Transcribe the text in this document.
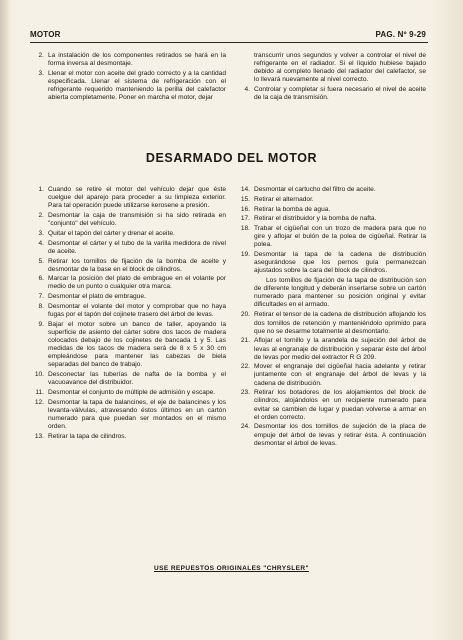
MOTOR	PAG. Nº 9-29
2. La instalación de los componentes retirados se hará en la forma inversa al desmontaje.
3. Llenar el motor con aceite del grado correcto y a la cantidad especificada. Llenar el sistema de refrigeración con el refrigerante requerido manteniendo la perilla del calefactor abierta completamente. Poner en marcha el motor, dejar
transcurrir unos segundos y volver a controlar el nivel de refrigerante en el radiador. Si el líquido hubiese bajado debido al completo llenado del radiador del calefactor, se lo llevará nuevamente al nivel correcto.
4. Controlar y completar si fuera necesario el nivel de aceite de la caja de transmisión.
DESARMADO DEL MOTOR
1. Cuando se retire el motor del vehículo dejar que éste cuelgue del aparejo para proceder a su limpieza exterior. Para tal operación puede utilizarse kerosene a presión.
2. Desmontar la caja de transmisión si ha sido retirada en "conjunto" del vehículo.
3. Quitar el tapón del cárter y drenar el aceite.
4. Desmontar el cárter y el tubo de la varilla medidora de nivel de aceite.
5. Retirar los tornillos de fijación de la bomba de aceite y desmontar de la base en el block de cilindros.
6. Marcar la posición del plato de embrague en el volante por medio de un punto o cualquier otra marca.
7. Desmontar el plato de embrague.
8. Desmontar el volante del motor y comprobar que no haya fugas por el tapón del cojinete trasero del árbol de levas.
9. Bajar el motor sobre un banco de taller, apoyando la superficie de asiento del cárter sobre dos tacos de madera colocados debajo de los cojinetes de bancada 1 y 5. Las medidas de los tacos de madera será de 8 x 5 x 30 cm empleándose para mantener las cabezas de biela separadas del banco de trabajo.
10. Desconectar las tuberías de nafta de la bomba y el vacuoavance del distribuidor.
11. Desmontar el conjunto de múltiple de admisión y escape.
12. Desmontar la tapa de balancines, el eje de balancines y los levanta-válvulas, atravesando éstos últimos en un cartón numerado para que puedan ser montados en el mismo orden.
13. Retirar la tapa de cilindros.
14. Desmontar el cartucho del filtro de aceite.
15. Retirar el alternador.
16. Retirar la bomba de agua.
17. Retirar el distribuidor y la bomba de nafta.
18. Trabar el cigüeñal con un trozo de madera para que no gire y aflojar el bulón de la polea de cigüeñal. Retirar la polea.
19. Desmontar la tapa de la cadena de distribución asegurándose que los pernos guía permanezcan ajustados sobre la cara del block de cilindros.
Los tornillos de fijación de la tapa de distribución son de diferente longitud y deberán insertarse sobre un cartón numerado para mantener su posición original y evitar dificultades en el armado.
20. Retirar el tensor de la cadena de distribución aflojando los dos tornillos de retención y manteniéndolo oprimido para que no se desarme totalmente al desmontarlo.
21. Aflojar el tornillo y la arandela de sujeción del árbol de levas al engranaje de distribución y separar éste del árbol de levas por medio del extractor R G 209.
22. Mover el engranaje del cigüeñal hacia adelante y retirar juntamente con el engranaje del árbol de levas y la cadena de distribución.
23. Retirar los botadores de los alojamientos del block de cilindros, alojándolos en un recipiente numerado para evitar se cambien de lugar y puedan volverse a armar en el orden correcto.
24. Desmontar los dos tornillos de sujeción de la placa de empuje del árbol de levas y retirar ésta. A continuación desmontar el árbol de levas.
USE REPUESTOS ORIGINALES "CHRYSLER"
